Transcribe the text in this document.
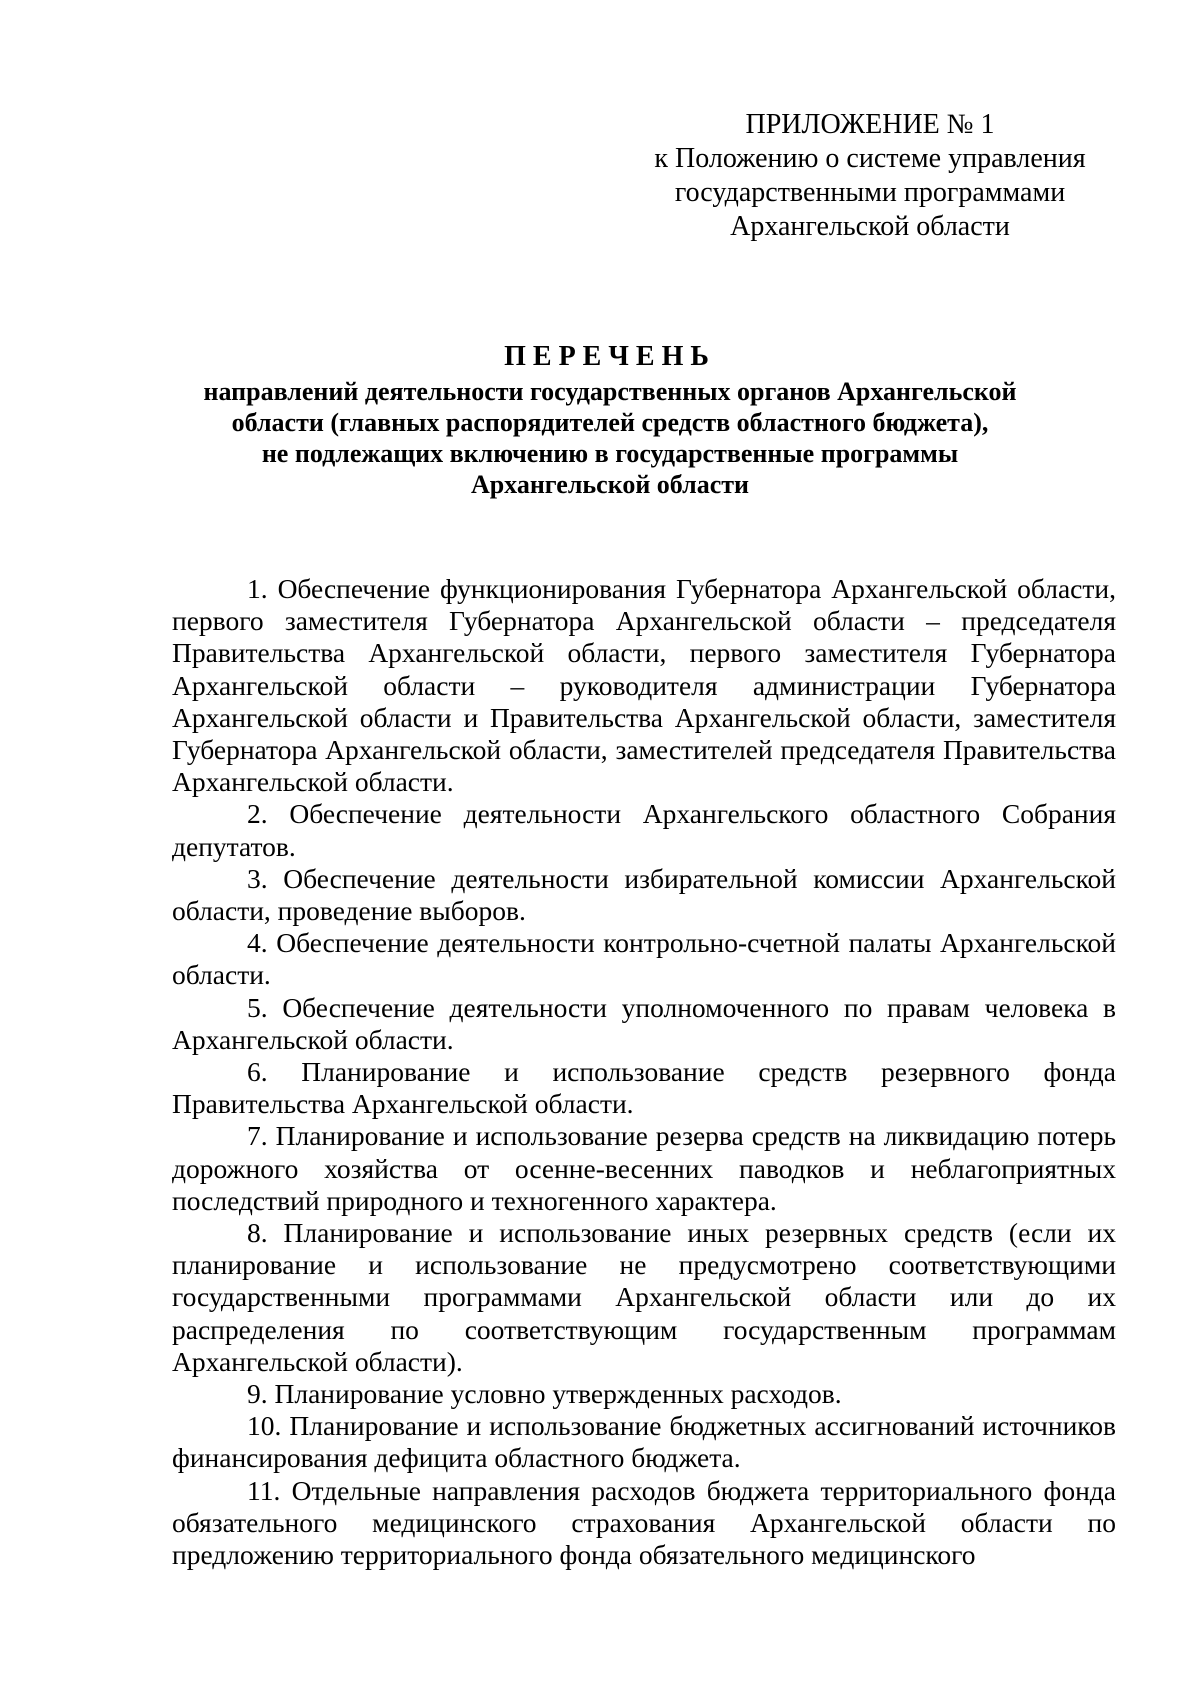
ПРИЛОЖЕНИЕ № 1
к Положению о системе управления
государственными программами
Архангельской области
ПЕРЕЧЕНЬ
направлений деятельности государственных органов Архангельской
области (главных распорядителей средств областного бюджета),
не подлежащих включению в государственные программы
Архангельской области

1. Обеспечение функционирования Губернатора Архангельской области, первого заместителя Губернатора Архангельской области – председателя Правительства Архангельской области, первого заместителя Губернатора Архангельской области – руководителя администрации Губернатора Архангельской области и Правительства Архангельской области, заместителя Губернатора Архангельской области, заместителей председателя Правительства Архангельской области.

2. Обеспечение деятельности Архангельского областного Собрания депутатов.

3. Обеспечение деятельности избирательной комиссии Архангельской области, проведение выборов.

4. Обеспечение деятельности контрольно-счетной палаты Архангельской области.

5. Обеспечение деятельности уполномоченного по правам человека в Архангельской области.

6. Планирование и использование средств резервного фонда Правительства Архангельской области.

7. Планирование и использование резерва средств на ликвидацию потерь дорожного хозяйства от осенне-весенних паводков и неблагоприятных последствий природного и техногенного характера.

8. Планирование и использование иных резервных средств (если их планирование и использование не предусмотрено соответствующими государственными программами Архангельской области или до их распределения по соответствующим государственным программам Архангельской области).

9. Планирование условно утвержденных расходов.

10. Планирование и использование бюджетных ассигнований источников финансирования дефицита областного бюджета.

11. Отдельные направления расходов бюджета территориального фонда обязательного медицинского страхования Архангельской области по предложению территориального фонда обязательного медицинского
